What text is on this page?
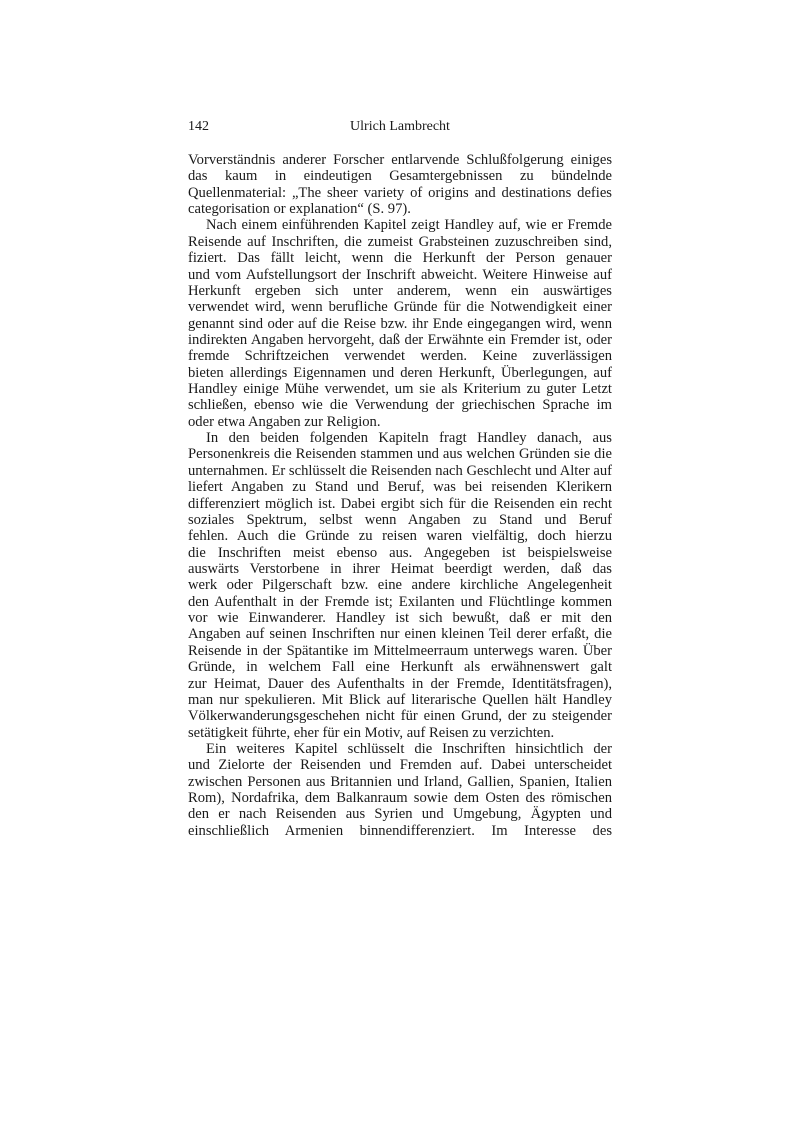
142	Ulrich Lambrecht
Vorverständnis anderer Forscher entlarvende Schlußfolgerung einiges
das kaum in eindeutigen Gesamtergebnissen zu bündelnde
Quellenmaterial: „The sheer variety of origins and destinations defies
categorisation or explanation“ (S. 97).
Nach einem einführenden Kapitel zeigt Handley auf, wie er Fremde
Reisende auf Inschriften, die zumeist Grabsteinen zuzuschreiben sind,
fiziert. Das fällt leicht, wenn die Herkunft der Person genauer
und vom Aufstellungsort der Inschrift abweicht. Weitere Hinweise auf
Herkunft ergeben sich unter anderem, wenn ein auswärtiges
verwendet wird, wenn berufliche Gründe für die Notwendigkeit einer
genannt sind oder auf die Reise bzw. ihr Ende eingegangen wird, wenn
indirekten Angaben hervorgeht, daß der Erwähnte ein Fremder ist, oder
fremde Schriftzeichen verwendet werden. Keine zuverlässigen
bieten allerdings Eigennamen und deren Herkunft, Überlegungen, auf
Handley einige Mühe verwendet, um sie als Kriterium zu guter Letzt
schließen, ebenso wie die Verwendung der griechischen Sprache im
oder etwa Angaben zur Religion.
In den beiden folgenden Kapiteln fragt Handley danach, aus
Personenkreis die Reisenden stammen und aus welchen Gründen sie die
unternahmen. Er schlüsselt die Reisenden nach Geschlecht und Alter auf
liefert Angaben zu Stand und Beruf, was bei reisenden Klerikern
differenziert möglich ist. Dabei ergibt sich für die Reisenden ein recht
soziales Spektrum, selbst wenn Angaben zu Stand und Beruf
fehlen. Auch die Gründe zu reisen waren vielfältig, doch hierzu
die Inschriften meist ebenso aus. Angegeben ist beispielsweise
auswärts Verstorbene in ihrer Heimat beerdigt werden, daß das
werk oder Pilgerschaft bzw. eine andere kirchliche Angelegenheit
den Aufenthalt in der Fremde ist; Exilanten und Flüchtlinge kommen
vor wie Einwanderer. Handley ist sich bewußt, daß er mit den
Angaben auf seinen Inschriften nur einen kleinen Teil derer erfaßt, die
Reisende in der Spätantike im Mittelmeerraum unterwegs waren. Über
Gründe, in welchem Fall eine Herkunft als erwähnenswert galt
zur Heimat, Dauer des Aufenthalts in der Fremde, Identitätsfragen),
man nur spekulieren. Mit Blick auf literarische Quellen hält Handley
Völkerwanderungsgeschehen nicht für einen Grund, der zu steigender
setätigkeit führte, eher für ein Motiv, auf Reisen zu verzichten.
Ein weiteres Kapitel schlüsselt die Inschriften hinsichtlich der
und Zielorte der Reisenden und Fremden auf. Dabei unterscheidet
zwischen Personen aus Britannien und Irland, Gallien, Spanien, Italien
Rom), Nordafrika, dem Balkanraum sowie dem Osten des römischen
den er nach Reisenden aus Syrien und Umgebung, Ägypten und
einschließlich Armenien binnendifferenziert. Im Interesse des
